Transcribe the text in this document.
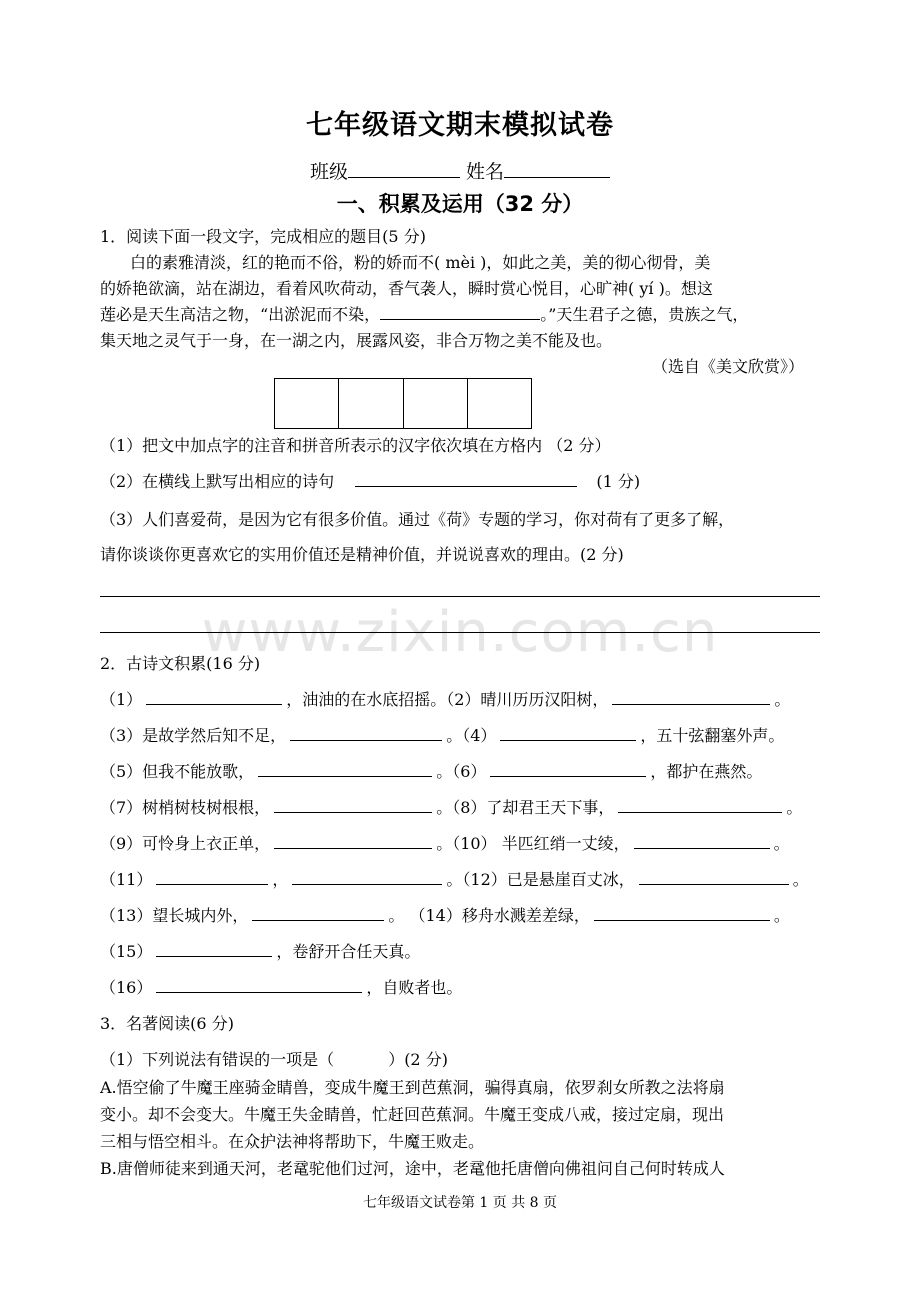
七年级语文期末模拟试卷
班级	姓名
一、积累及运用（32 分）
1．阅读下面一段文字，完成相应的题目(5 分)
白的素雅清淡，红的艳而不俗，粉的娇而不( mèi )，如此之美，美的彻心彻骨，美
的娇艳欲滴，站在湖边，看着风吹荷动，香气袭人，瞬时赏心悦目，心旷神( yí )。想这
莲必是天生高洁之物，“出淤泥而不染，	。”天生君子之德，贵族之气，
集天地之灵气于一身，在一湖之内，展露风姿，非合万物之美不能及也。
（选自《美文欣赏》）
（1）把文中加点字的注音和拼音所表示的汉字依次填在方格内 （2 分）
（2）在横线上默写出相应的诗句	(1 分)
（3）人们喜爱荷，是因为它有很多价值。通过《荷》专题的学习，你对荷有了更多了解，
请你谈谈你更喜欢它的实用价值还是精神价值，并说说喜欢的理由。(2 分)
www.zixin.com.cn
2．古诗文积累(16 分)
（1）	，油油的在水底招摇。（2）晴川历历汉阳树，	。
（3）是故学然后知不足，	。（4）	，五十弦翻塞外声。
（5）但我不能放歌，	。（6）	，都护在燕然。
（7）树梢树枝树根根，	。（8）了却君王天下事，	。
（9）可怜身上衣正单，	。（10） 半匹红绡一丈绫，	。
（11）	，	。（12）已是悬崖百丈冰，	。
（13）望长城内外，	。 （14）移舟水溅差差绿，	。
（15）	，卷舒开合任天真。
（16）	，自败者也。
3．名著阅读(6 分)
（1）下列说法有错误的一项是（	）(2 分)
A.悟空偷了牛魔王座骑金睛兽，变成牛魔王到芭蕉洞，骗得真扇，依罗刹女所教之法将扇
变小。却不会变大。牛魔王失金睛兽，忙赶回芭蕉洞。牛魔王变成八戒，接过定扇，现出
三相与悟空相斗。在众护法神将帮助下，牛魔王败走。
B.唐僧师徒来到通天河，老鼋驼他们过河，途中，老鼋他托唐僧向佛祖问自己何时转成人
七年级语文试卷第 1 页 共 8 页
